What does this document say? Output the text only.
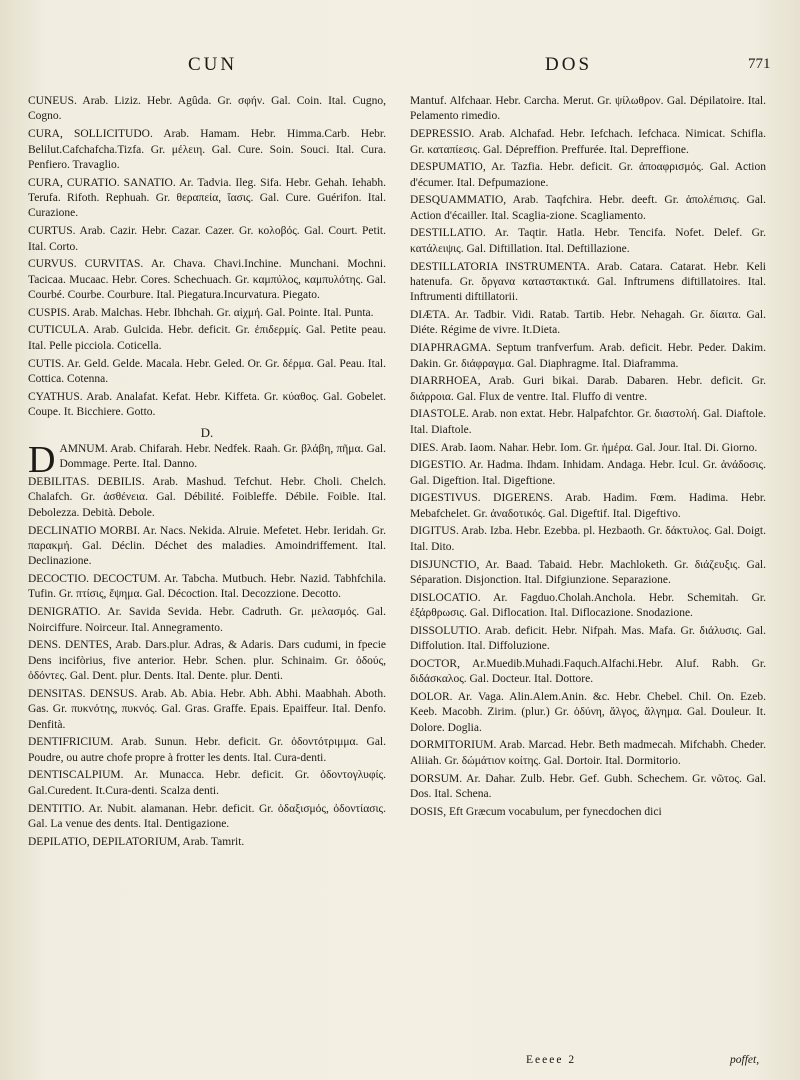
CUN	DOS	771

CUNEUS. Arab. Liziz. Hebr. Agûda. Gr. σφήν. Gal. Coin. Ital. Cugno, Cogno.

CURA, SOLLICITUDO. Arab. Hamam. Hebr. Himma.Carb. Hebr. Belilut.Cafchafcha.Tizfa. Gr. μέλειη. Gal. Cure. Soin. Souci. Ital. Cura. Penfiero. Travaglio.

CURA, CURATIO. SANATIO. Ar. Tadvia. Ileg. Sifa. Hebr. Gehah. Iehabh. Terufa. Rifoth. Rephuah. Gr. θεραπεία, ἴασις. Gal. Cure. Guérifon. Ital. Curazione.

CURTUS. Arab. Cazir. Hebr. Cazar. Cazer. Gr. κολοβός. Gal. Court. Petit. Ital. Corto.

CURVUS. CURVITAS. Ar. Chava. Chavi.Inchine. Munchani. Mochni. Tacicaa. Mucaac. Hebr. Cores. Schechuach. Gr. καμπύλος, καμπυλότης. Gal. Courbé. Courbe. Courbure. Ital. Piegatura.Incurvatura. Piegato.

CUSPIS. Arab. Malchas. Hebr. Ibhchah. Gr. αἰχμή. Gal. Pointe. Ital. Punta.

CUTICULA. Arab. Gulcida. Hebr. deficit. Gr. ἐπιδερμίς. Gal. Petite peau. Ital. Pelle picciola. Coticella.

CUTIS. Ar. Geld. Gelde. Macala. Hebr. Geled. Or. Gr. δέρμα. Gal. Peau. Ital. Cottica. Cotenna.

CYATHUS. Arab. Analafat. Kefat. Hebr. Kiffeta. Gr. κύαθος. Gal. Gobelet. Coupe. It. Bicchiere. Gotto.

D.

D AMNUM. Arab. Chifarah. Hebr. Nedfek. Raah. Gr. βλάβη, πῆμα. Gal. Dommage. Perte. Ital. Danno.

DEBILITAS. DEBILIS. Arab. Mashud. Tefchut. Hebr. Choli. Chelch. Chalafch. Gr. ἀσθένεια. Gal. Débilité. Foibleffe. Débile. Foible. Ital. Debolezza. Debità. Debole.

DECLINATIO MORBI. Ar. Nacs. Nekida. Alruie. Mefetet. Hebr. Ieridah. Gr. παρακμή. Gal. Déclin. Déchet des maladies. Amoindriffement. Ital. Declinazione.

DECOCTIO. DECOCTUM. Ar. Tabcha. Mutbuch. Hebr. Nazid. Tabhfchila. Tufin. Gr. πτίσις, ἕψημα. Gal. Décoction. Ital. Decozzione. Decotto.

DENIGRATIO. Ar. Savida Sevida. Hebr. Cadruth. Gr. μελασμός. Gal. Noirciffure. Noirceur. Ital. Annegramento.

DENS. DENTES, Arab. Dars.plur. Adras, & Adaris. Dars cudumi, in fpecie Dens incifòrius, five anterior. Hebr. Schen. plur. Schinaim. Gr. ὀδούς, ὀδόντες. Gal. Dent. plur. Dents. Ital. Dente. plur. Denti.

DENSITAS. DENSUS. Arab. Ab. Abia. Hebr. Abh. Abhi. Maabhah. Aboth. Gas. Gr. πυκνότης, πυκνός. Gal. Gras. Graffe. Epais. Epaiffeur. Ital. Denfo. Denfità.

DENTIFRICIUM. Arab. Sunun. Hebr. deficit. Gr. ὀδοντότριμμα. Gal. Poudre, ou autre chofe propre à frotter les dents. Ital. Cura-denti.

DENTISCALPIUM. Ar. Munacca. Hebr. deficit. Gr. ὀδοντογλυφίς. Gal.Curedent. It.Cura-denti. Scalza denti.

DENTITIO. Ar. Nubit. alamanan. Hebr. deficit. Gr. ὀδαξισμός, ὀδοντίασις. Gal. La venue des dents. Ital. Dentigazione.

DEPILATIO, DEPILATORIUM, Arab. Tamrit.

Mantuf. Alfchaar. Hebr. Carcha. Merut. Gr. ψίλωθρον. Gal. Dépilatoire. Ital. Pelamento rimedio.

DEPRESSIO. Arab. Alchafad. Hebr. Iefchach. Iefchaca. Nimicat. Schifla. Gr. καταπίεσις. Gal. Dépreffion. Preffurée. Ital. Depreffione.

DESPUMATIO, Ar. Tazfia. Hebr. deficit. Gr. ἀποαφρισμός. Gal. Action d'écumer. Ital. Defpumazione.

DESQUAMMATIO, Arab. Taqfchira. Hebr. deeft. Gr. ἀπολέπισις. Gal. Action d'écailler. Ital. Scaglia-zione. Scagliamento.

DESTILLATIO. Ar. Taqtir. Hatla. Hebr. Tencifa. Nofet. Delef. Gr. κατάλειψις. Gal. Diftillation. Ital. Deftillazione.

DESTILLATORIA INSTRUMENTA. Arab. Catara. Catarat. Hebr. Keli hatenufa. Gr. ὄργανα καταστακτικά. Gal. Inftrumens diftillatoires. Ital. Inftrumenti diftillatorii.

DIÆTA. Ar. Tadbir. Vidi. Ratab. Tartib. Hebr. Nehagah. Gr. δίαιτα. Gal. Diéte. Régime de vivre. It.Dieta.

DIAPHRAGMA. Septum tranfverfum. Arab. deficit. Hebr. Peder. Dakim. Dakin. Gr. διάφραγμα. Gal. Diaphragme. Ital. Diaframma.

DIARRHOEA, Arab. Guri bikai. Darab. Dabaren. Hebr. deficit. Gr. διάρροια. Gal. Flux de ventre. Ital. Fluffo di ventre.

DIASTOLE. Arab. non extat. Hebr. Halpafchtor. Gr. διαστολή. Gal. Diaftole. Ital. Diaftole.

DIES. Arab. Iaom. Nahar. Hebr. Iom. Gr. ἡμέρα. Gal. Jour. Ital. Di. Giorno.

DIGESTIO. Ar. Hadma. Ihdam. Inhidam. Andaga. Hebr. Icul. Gr. ἀνάδοσις. Gal. Digeftion. Ital. Digeftione.

DIGESTIVUS. DIGERENS. Arab. Hadim. Fœm. Hadima. Hebr. Mebafchelet. Gr. ἀναδοτικός. Gal. Digeftif. Ital. Digeftivo.

DIGITUS. Arab. Izba. Hebr. Ezebba. pl. Hezbaoth. Gr. δάκτυλος. Gal. Doigt. Ital. Dito.

DISJUNCTIO, Ar. Baad. Tabaid. Hebr. Machloketh. Gr. διάζευξις. Gal. Séparation. Disjonction. Ital. Difgiunzione. Separazione.

DISLOCATIO. Ar. Fagduo.Cholah.Anchola. Hebr. Schemitah. Gr. ἐξάρθρωσις. Gal. Diflocation. Ital. Diflocazione. Snodazione.

DISSOLUTIO. Arab. deficit. Hebr. Nifpah. Mas. Mafa. Gr. διάλυσις. Gal. Diffolution. Ital. Diffoluzione.

DOCTOR, Ar.Muedib.Muhadi.Faquch.Alfachi.Hebr. Aluf. Rabh. Gr. διδάσκαλος. Gal. Docteur. Ital. Dottore.

DOLOR. Ar. Vaga. Alin.Alem.Anin. &c. Hebr. Chebel. Chil. On. Ezeb. Keeb. Macobh. Zirim. (plur.) Gr. ὀδύνη, ἄλγος, ἄλγημα. Gal. Douleur. It. Dolore. Doglia.

DORMITORIUM. Arab. Marcad. Hebr. Beth madmecah. Mifchabh. Cheder. Aliiah. Gr. δώμάτιον κοίτης. Gal. Dortoir. Ital. Dormitorio.

DORSUM. Ar. Dahar. Zulb. Hebr. Gef. Gubh. Schechem. Gr. νῶτος. Gal. Dos. Ital. Schena.

DOSIS, Eft Græcum vocabulum, per fynecdochen dici

Eeeee 2	poffet,
